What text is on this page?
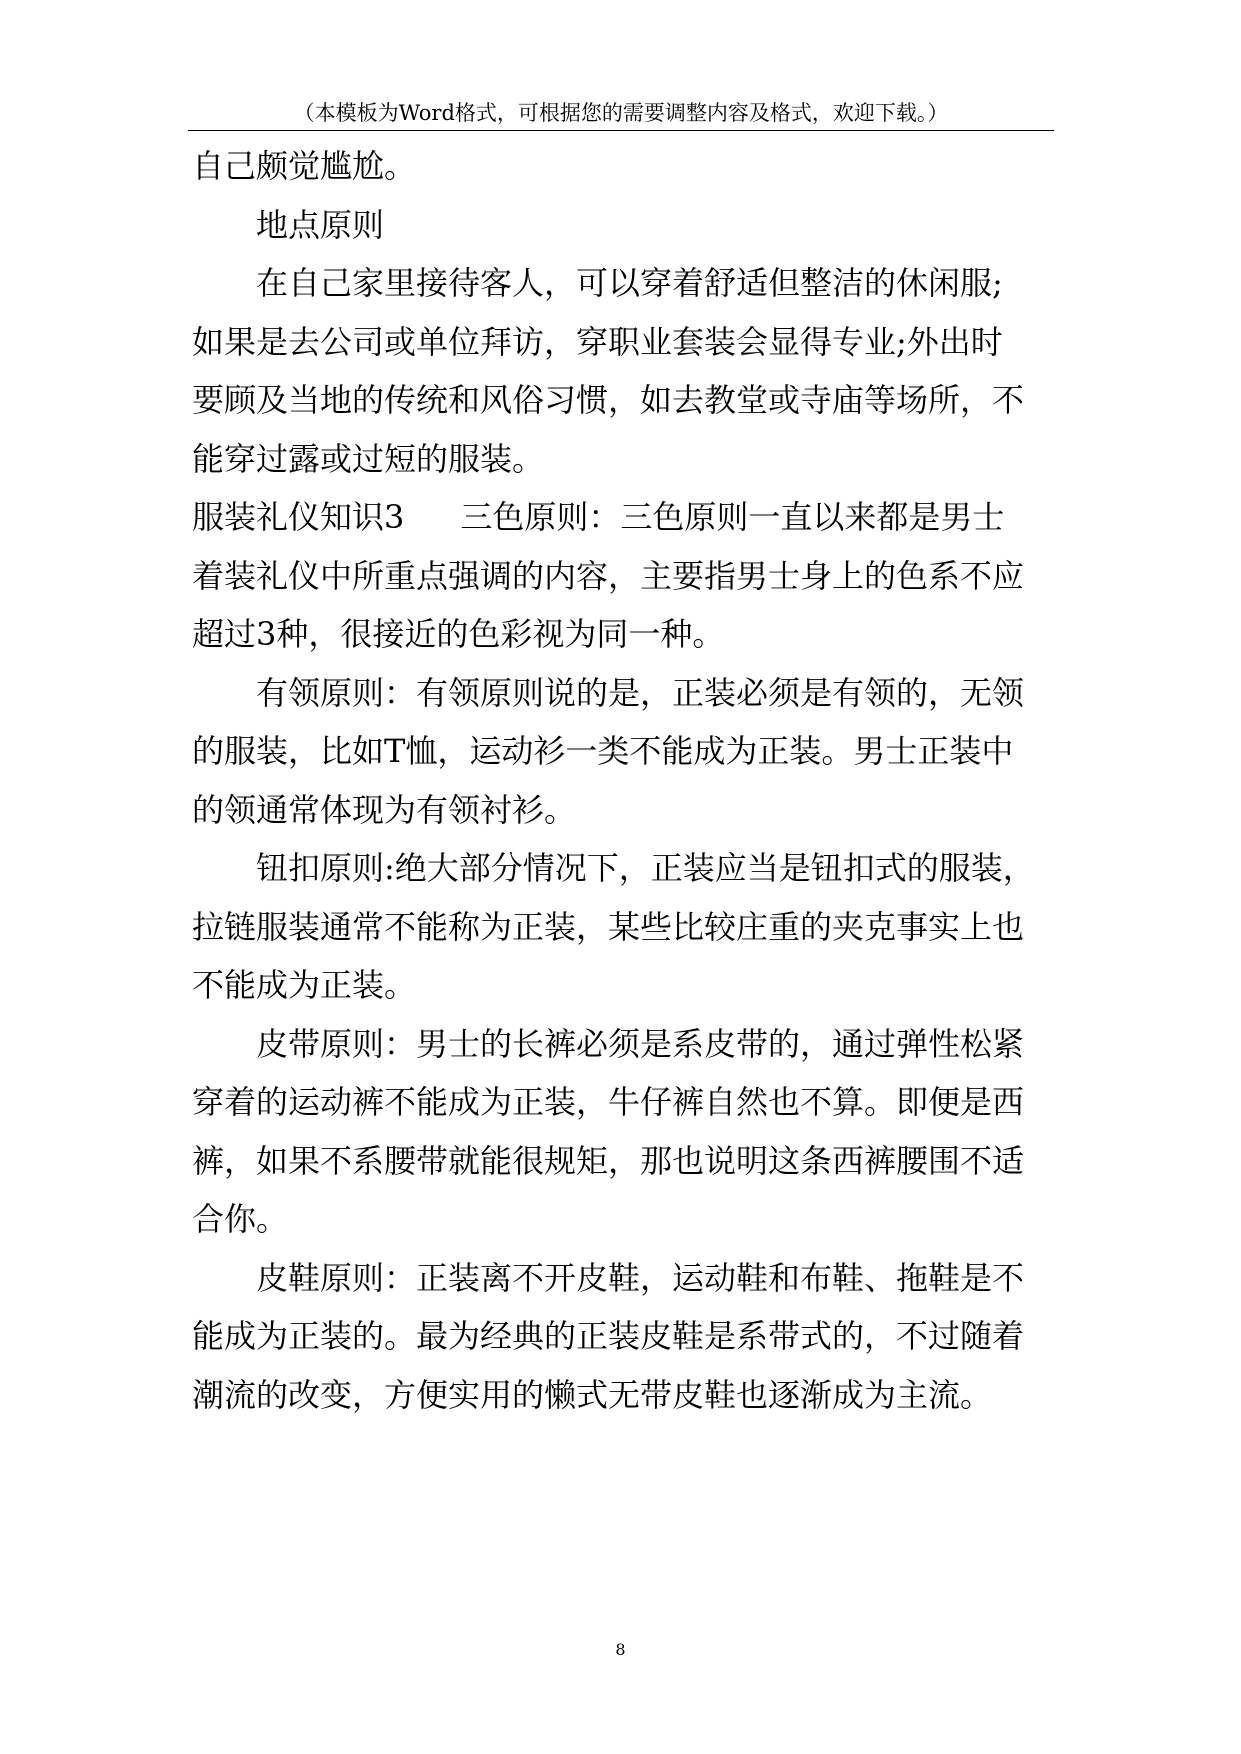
（本模板为Word格式，可根据您的需要调整内容及格式，欢迎下载。）
自己颇觉尴尬。
地点原则
在自己家里接待客人，可以穿着舒适但整洁的休闲服;
如果是去公司或单位拜访，穿职业套装会显得专业;外出时
要顾及当地的传统和风俗习惯，如去教堂或寺庙等场所，不
能穿过露或过短的服装。
服装礼仪知识3 三色原则：三色原则一直以来都是男士
着装礼仪中所重点强调的内容，主要指男士身上的色系不应
超过3种，很接近的色彩视为同一种。
有领原则：有领原则说的是，正装必须是有领的，无领
的服装，比如T恤，运动衫一类不能成为正装。男士正装中
的领通常体现为有领衬衫。
钮扣原则:绝大部分情况下，正装应当是钮扣式的服装，
拉链服装通常不能称为正装，某些比较庄重的夹克事实上也
不能成为正装。
皮带原则：男士的长裤必须是系皮带的，通过弹性松紧
穿着的运动裤不能成为正装，牛仔裤自然也不算。即便是西
裤，如果不系腰带就能很规矩，那也说明这条西裤腰围不适
合你。
皮鞋原则：正装离不开皮鞋，运动鞋和布鞋、拖鞋是不
能成为正装的。最为经典的正装皮鞋是系带式的，不过随着
潮流的改变，方便实用的懒式无带皮鞋也逐渐成为主流。
8
